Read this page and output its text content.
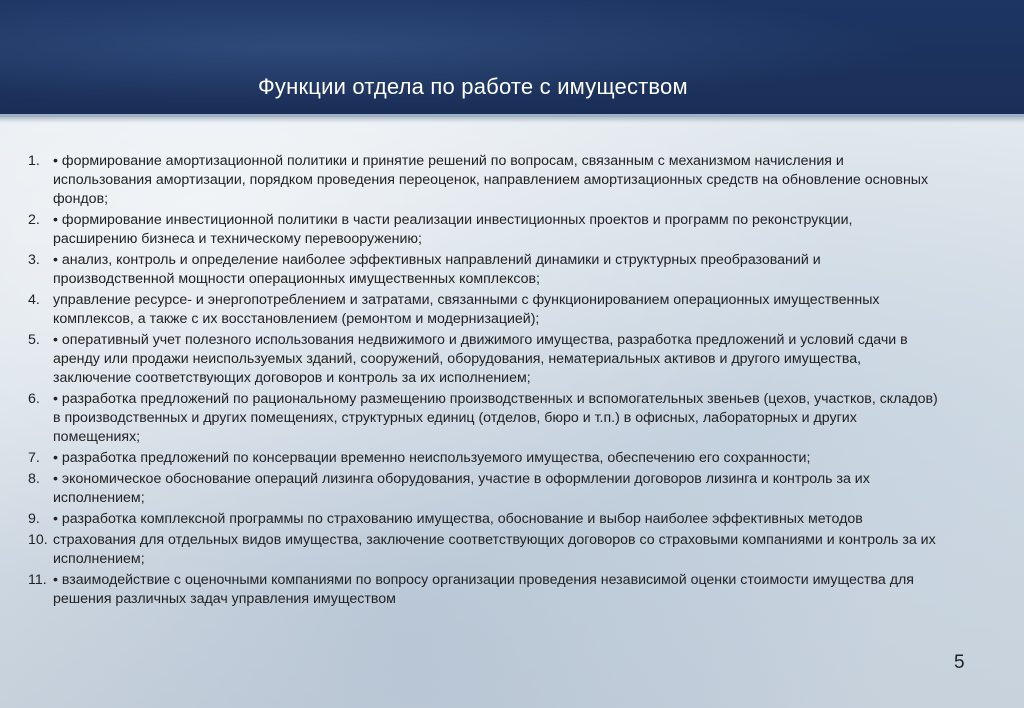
Функции отдела по работе с имуществом
1. • формирование амортизационной политики и принятие решений по вопросам, связанным с механизмом начисления и использования амортизации, порядком проведения переоценок, направлением амортизационных средств на обновление основных фондов;
2. • формирование инвестиционной политики в части реализации инвестиционных проектов и программ по реконструкции, расширению бизнеса и техническому перевооружению;
3. • анализ, контроль и определение наиболее эффективных направлений динамики и структурных преобразований и производственной мощности операционных имущественных комплексов;
4. управление ресурсе- и энергопотреблением и затратами, связанными с функционированием операционных имущественных комплексов, а также с их восстановлением (ремонтом и модернизацией);
5. • оперативный учет полезного использования недвижимого и движимого имущества, разработка предложений и условий сдачи в аренду или продажи неиспользуемых зданий, сооружений, оборудования, нематериальных активов и другого имущества, заключение соответствующих договоров и контроль за их исполнением;
6. • разработка предложений по рациональному размещению производственных и вспомогательных звеньев (цехов, участков, складов) в производственных и других помещениях, структурных единиц (отделов, бюро и т.п.) в офисных, лабораторных и других помещениях;
7. • разработка предложений по консервации временно неиспользуемого имущества, обеспечению его сохранности;
8. • экономическое обоснование операций лизинга оборудования, участие в оформлении договоров лизинга и контроль за их исполнением;
9. • разработка комплексной программы по страхованию имущества, обоснование и выбор наиболее эффективных методов
10. страхования для отдельных видов имущества, заключение соответствующих договоров со страховыми компаниями и контроль за их исполнением;
11. • взаимодействие с оценочными компаниями по вопросу организации проведения независимой оценки стоимости имущества для решения различных задач управления имуществом
5
